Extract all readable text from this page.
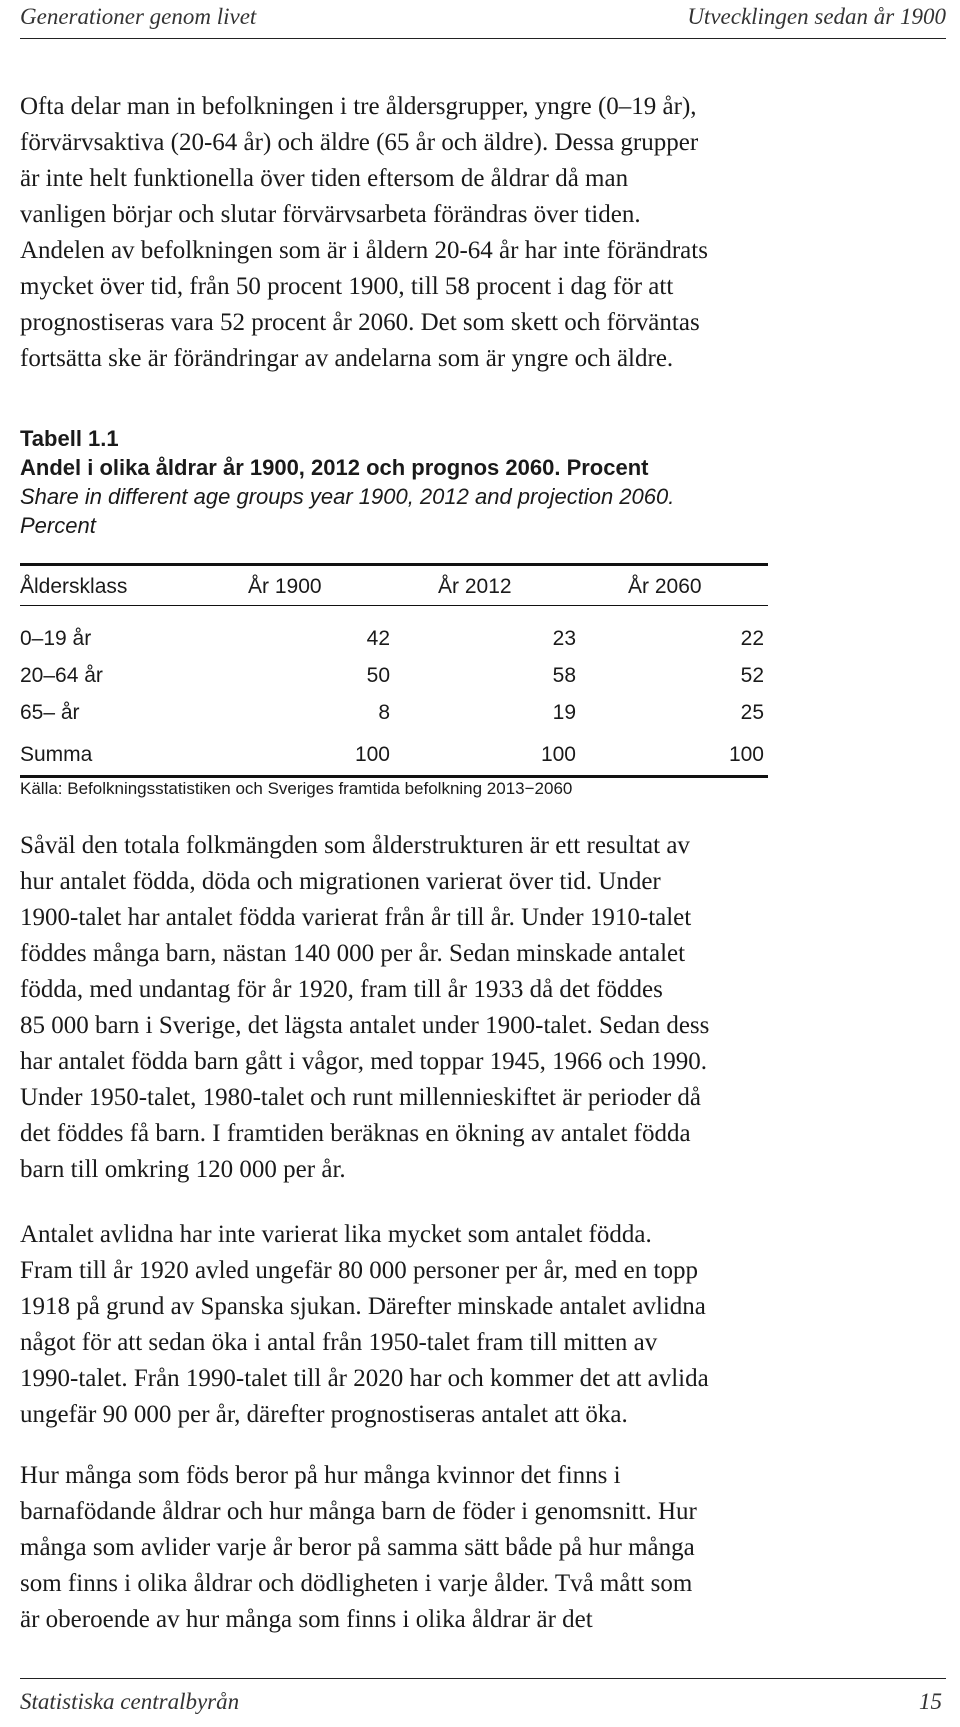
Generationer genom livet	Utvecklingen sedan år 1900
Ofta delar man in befolkningen i tre åldersgrupper, yngre (0–19 år),
förvärvsaktiva (20-64 år) och äldre (65 år och äldre). Dessa grupper
är inte helt funktionella över tiden eftersom de åldrar då man
vanligen börjar och slutar förvärvsarbeta förändras över tiden.
Andelen av befolkningen som är i åldern 20-64 år har inte förändrats
mycket över tid, från 50 procent 1900, till 58 procent i dag för att
prognostiseras vara 52 procent år 2060. Det som skett och förväntas
fortsätta ske är förändringar av andelarna som är yngre och äldre.
Tabell 1.1
Andel i olika åldrar år 1900, 2012 och prognos 2060. Procent
Share in different age groups year 1900, 2012 and projection 2060.
Percent
Åldersklass	År 1900	År 2012	År 2060
0–19 år	42	23	22
20–64 år	50	58	52
65– år	8	19	25
Summa	100	100	100
Källa: Befolkningsstatistiken och Sveriges framtida befolkning 2013−2060
Såväl den totala folkmängden som ålderstrukturen är ett resultat av
hur antalet födda, döda och migrationen varierat över tid. Under
1900-talet har antalet födda varierat från år till år. Under 1910-talet
föddes många barn, nästan 140 000 per år. Sedan minskade antalet
födda, med undantag för år 1920, fram till år 1933 då det föddes
85 000 barn i Sverige, det lägsta antalet under 1900-talet. Sedan dess
har antalet födda barn gått i vågor, med toppar 1945, 1966 och 1990.
Under 1950-talet, 1980-talet och runt millennieskiftet är perioder då
det föddes få barn. I framtiden beräknas en ökning av antalet födda
barn till omkring 120 000 per år.
Antalet avlidna har inte varierat lika mycket som antalet födda.
Fram till år 1920 avled ungefär 80 000 personer per år, med en topp
1918 på grund av Spanska sjukan. Därefter minskade antalet avlidna
något för att sedan öka i antal från 1950-talet fram till mitten av
1990-talet. Från 1990-talet till år 2020 har och kommer det att avlida
ungefär 90 000 per år, därefter prognostiseras antalet att öka.
Hur många som föds beror på hur många kvinnor det finns i
barnafödande åldrar och hur många barn de föder i genomsnitt. Hur
många som avlider varje år beror på samma sätt både på hur många
som finns i olika åldrar och dödligheten i varje ålder. Två mått som
är oberoende av hur många som finns i olika åldrar är det
Statistiska centralbyrån	15
